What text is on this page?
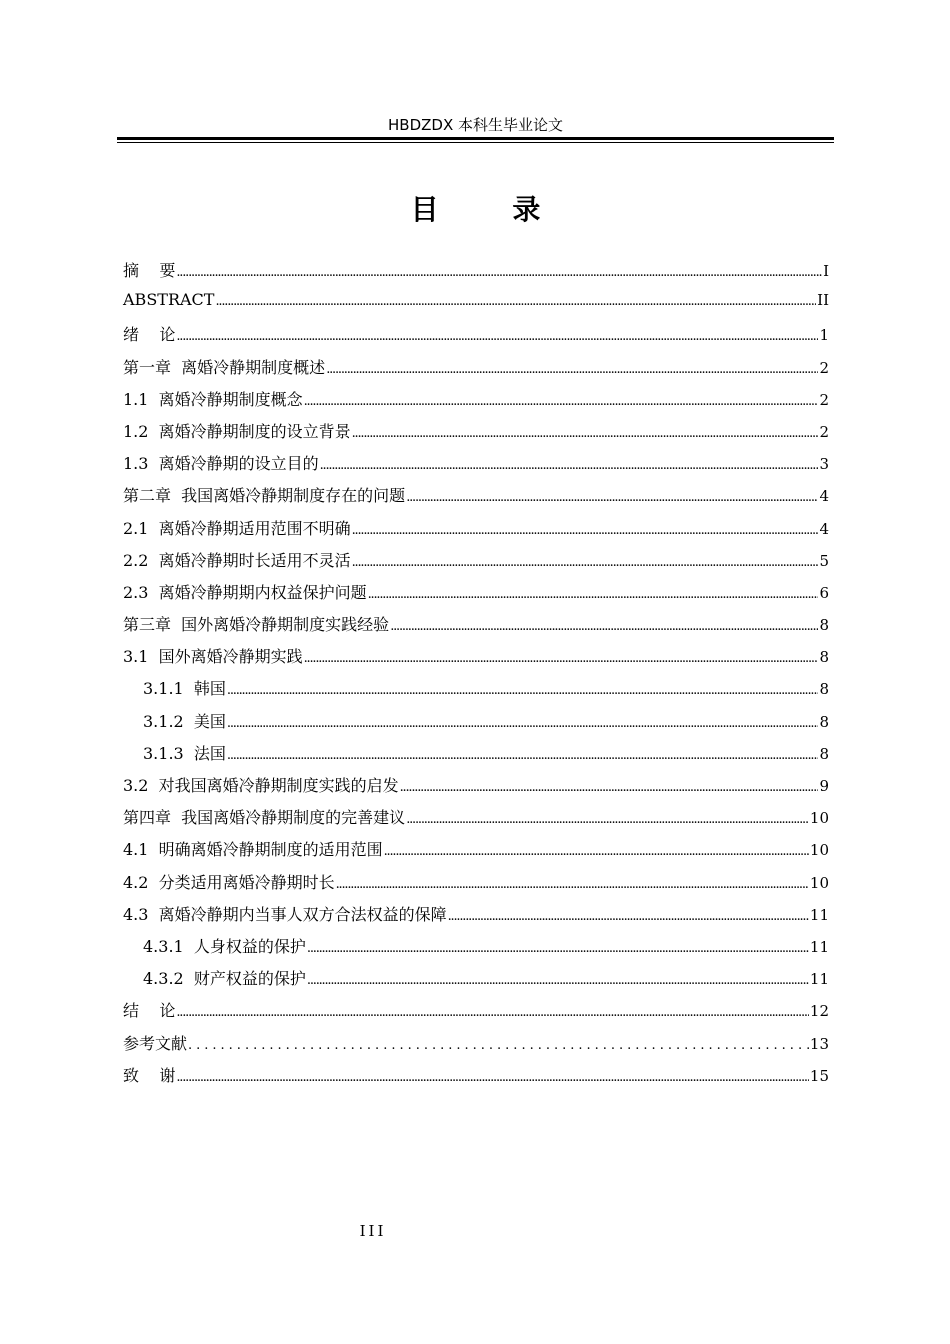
HBDZDX 本科生毕业论文
目 录
摘    要 .....	I
ABSTRACT .....	II
绪    论 .....	1
第一章  离婚冷静期制度概述 .....	2
1.1  离婚冷静期制度概念 .....	2
1.2  离婚冷静期制度的设立背景 .....	2
1.3  离婚冷静期的设立目的 .....	3
第二章  我国离婚冷静期制度存在的问题 .....	4
2.1  离婚冷静期适用范围不明确 .....	4
2.2  离婚冷静期时长适用不灵活 .....	5
2.3  离婚冷静期期内权益保护问题 .....	6
第三章  国外离婚冷静期制度实践经验 .....	8
3.1  国外离婚冷静期实践 .....	8
3.1.1  韩国 .....	8
3.1.2  美国 .....	8
3.1.3  法国 .....	8
3.2  对我国离婚冷静期制度实践的启发 .....	9
第四章  我国离婚冷静期制度的完善建议 .....	10
4.1  明确离婚冷静期制度的适用范围 .....	10
4.2  分类适用离婚冷静期时长 .....	10
4.3  离婚冷静期内当事人双方合法权益的保障 .....	11
4.3.1  人身权益的保护 .....	11
4.3.2  财产权益的保护 .....	11
结    论 .....	12
参考文献 .....	13
致    谢 .....	15
III
